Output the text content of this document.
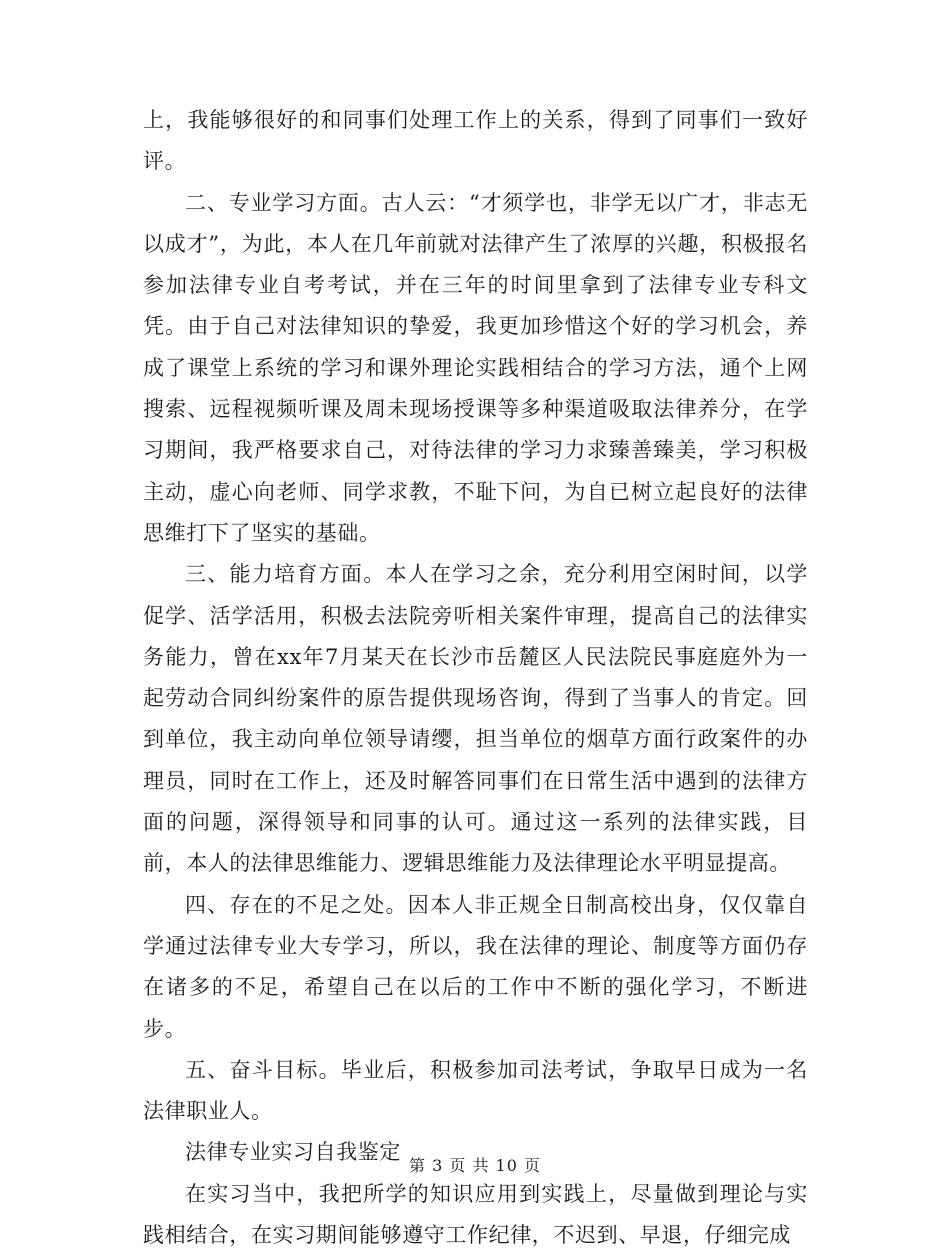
上，我能够很好的和同事们处理工作上的关系，得到了同事们一致好评。

二、专业学习方面。古人云：“才须学也，非学无以广才，非志无以成才”，为此，本人在几年前就对法律产生了浓厚的兴趣，积极报名参加法律专业自考考试，并在三年的时间里拿到了法律专业专科文凭。由于自己对法律知识的挚爱，我更加珍惜这个好的学习机会，养成了课堂上系统的学习和课外理论实践相结合的学习方法，通个上网搜索、远程视频听课及周未现场授课等多种渠道吸取法律养分，在学习期间，我严格要求自己，对待法律的学习力求臻善臻美，学习积极主动，虚心向老师、同学求教，不耻下问，为自已树立起良好的法律思维打下了坚实的基础。

三、能力培育方面。本人在学习之余，充分利用空闲时间，以学促学、活学活用，积极去法院旁听相关案件审理，提高自己的法律实务能力，曾在xx年7月某天在长沙市岳麓区人民法院民事庭庭外为一起劳动合同纠纷案件的原告提供现场咨询，得到了当事人的肯定。回到单位，我主动向单位领导请缨，担当单位的烟草方面行政案件的办理员，同时在工作上，还及时解答同事们在日常生活中遇到的法律方面的问题，深得领导和同事的认可。通过这一系列的法律实践，目前，本人的法律思维能力、逻辑思维能力及法律理论水平明显提高。

四、存在的不足之处。因本人非正规全日制高校出身，仅仅靠自学通过法律专业大专学习，所以，我在法律的理论、制度等方面仍存在诸多的不足，希望自己在以后的工作中不断的强化学习，不断进步。

五、奋斗目标。毕业后，积极参加司法考试，争取早日成为一名法律职业人。

法律专业实习自我鉴定

在实习当中，我把所学的知识应用到实践上，尽量做到理论与实践相结合，在实习期间能够遵守工作纪律，不迟到、早退，仔细完成

第 3 页 共 10 页
